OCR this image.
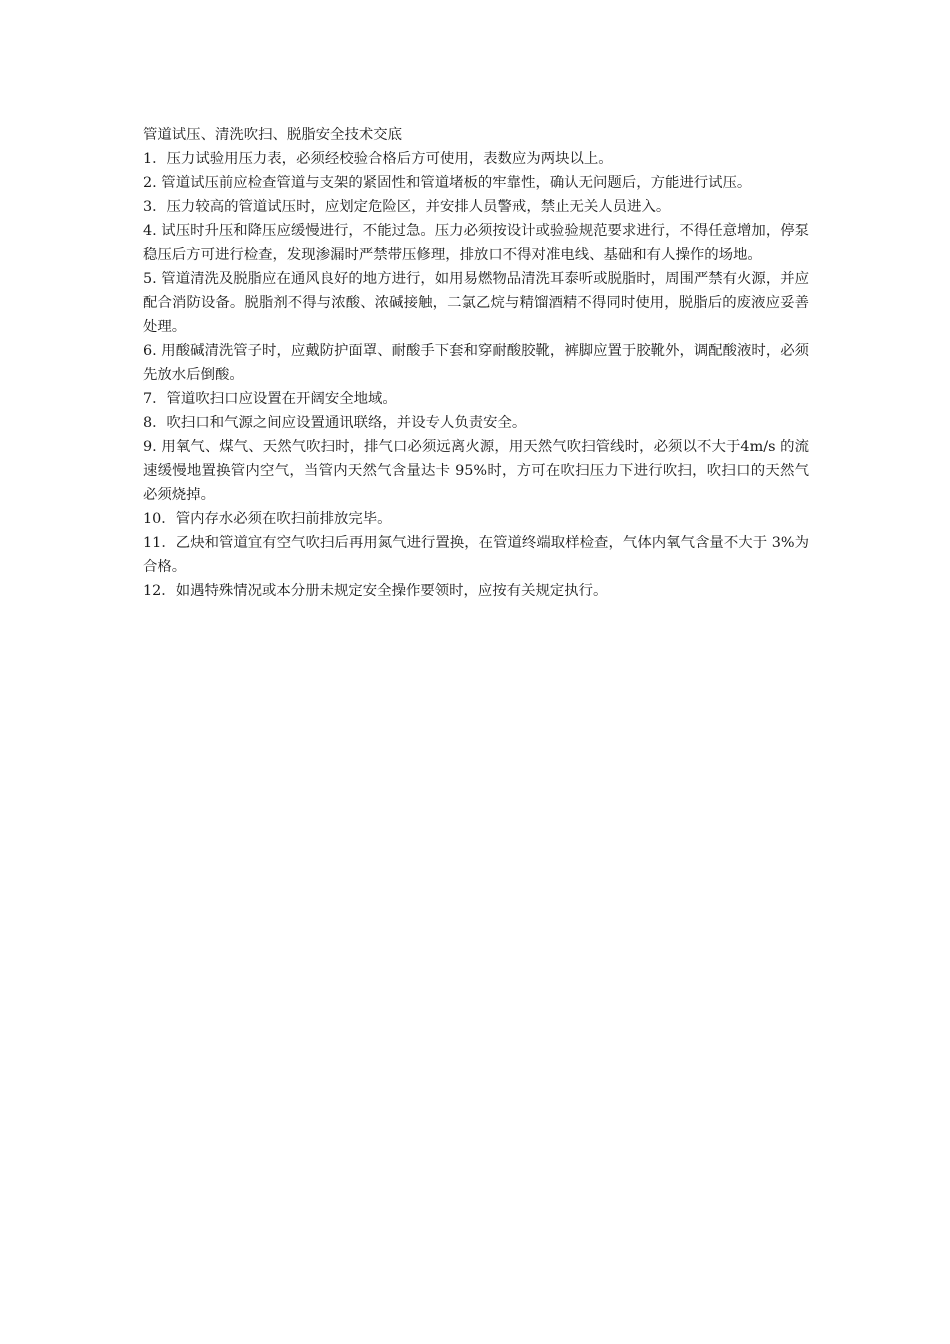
管道试压、清洗吹扫、脱脂安全技术交底

1．压力试验用压力表，必须经校验合格后方可使用，表数应为两块以上。

2. 管道试压前应检查管道与支架的紧固性和管道堵板的牢靠性，确认无问题后，方能进行试压。

3．压力较高的管道试压时，应划定危险区，并安排人员警戒，禁止无关人员进入。

4. 试压时升压和降压应缓慢进行，不能过急。压力必须按设计或验验规范要求进行，不得任意增加，停泵稳压后方可进行检查，发现渗漏时严禁带压修理，排放口不得对准电线、基础和有人操作的场地。

5. 管道清洗及脱脂应在通风良好的地方进行，如用易燃物品清洗耳泰听或脱脂时，周围严禁有火源，并应配合消防设备。脱脂剂不得与浓酸、浓碱接触，二氯乙烷与精馏酒精不得同时使用，脱脂后的废液应妥善处理。

6. 用酸碱清洗管子时，应戴防护面罩、耐酸手下套和穿耐酸胶靴，裤脚应置于胶靴外，调配酸液时，必须先放水后倒酸。

7．管道吹扫口应设置在开阔安全地域。

8．吹扫口和气源之间应设置通讯联络，并设专人负责安全。

9. 用氧气、煤气、天然气吹扫时，排气口必须远离火源，用天然气吹扫管线时，必须以不大于4m/s 的流速缓慢地置换管内空气，当管内天然气含量达卡 95%时，方可在吹扫压力下进行吹扫，吹扫口的天然气必须烧掉。

10．管内存水必须在吹扫前排放完毕。

11．乙炔和管道宜有空气吹扫后再用氮气进行置换，在管道终端取样检查，气体内氧气含量不大于 3%为合格。

12．如遇特殊情况或本分册未规定安全操作要领时，应按有关规定执行。
